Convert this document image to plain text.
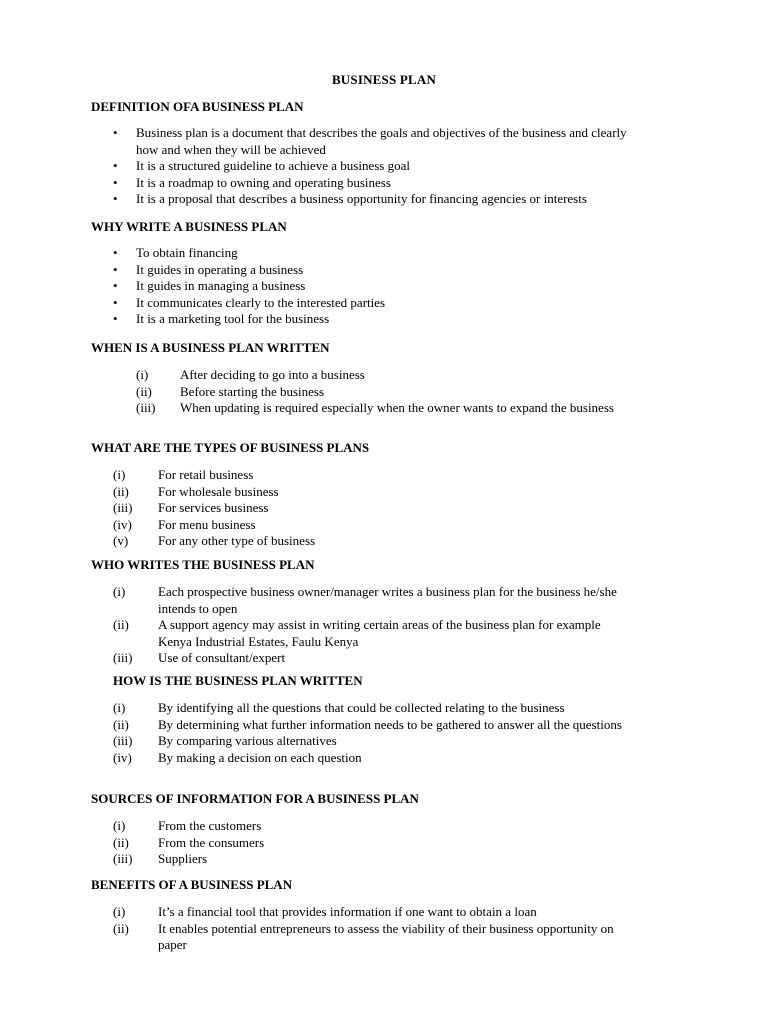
BUSINESS PLAN
DEFINITION OFA BUSINESS PLAN
• Business plan is a document that describes the goals and objectives of the business and clearly how and when they will be achieved
• It is a structured guideline to achieve a business goal
• It is a roadmap to owning and operating business
• It is a proposal that describes a business opportunity for financing agencies or interests
WHY WRITE A BUSINESS PLAN
• To obtain financing
• It guides in operating a business
• It guides in managing a business
• It communicates clearly to the interested parties
• It is a marketing tool for the business
WHEN IS A BUSINESS PLAN WRITTEN
(i) After deciding to go into a business
(ii) Before starting the business
(iii) When updating is required especially when the owner wants to expand the business
WHAT ARE THE TYPES OF BUSINESS PLANS
(i)	For retail business
(ii) For wholesale business
(iii) For services business
(iv) For menu business
(v) For any other type of business
WHO WRITES THE BUSINESS PLAN
(i)	Each prospective business owner/manager writes a business plan for the business he/she intends to open
(ii) A support agency may assist in writing certain areas of the business plan for example Kenya Industrial Estates, Faulu Kenya
(iii) Use of consultant/expert
HOW IS THE BUSINESS PLAN WRITTEN
(i)	By identifying all the questions that could be collected relating to the business
(ii) By determining what further information needs to be gathered to answer all the questions
(iii) By comparing various alternatives
(iv) By making a decision on each question
SOURCES OF INFORMATION FOR A BUSINESS PLAN
(i)	From the customers
(ii) From the consumers
(iii) Suppliers
BENEFITS OF A BUSINESS PLAN
(i)	It’s a financial tool that provides information if one want to obtain a loan
(ii) It enables potential entrepreneurs to assess the viability of their business opportunity on paper
